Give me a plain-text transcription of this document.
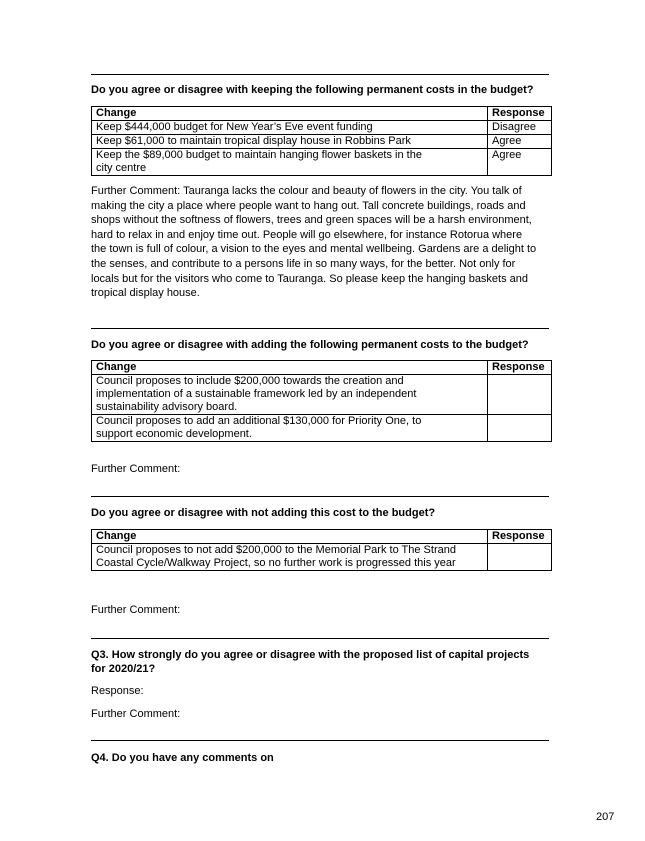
Do you agree or disagree with keeping the following permanent costs in the budget?
Change	Response
Keep $444,000 budget for New Year’s Eve event funding	Disagree
Keep $61,000 to maintain tropical display house in Robbins Park	Agree

Keep the $89,000 budget to maintain hanging flower baskets in the city centre	Agree
Further Comment: Tauranga lacks the colour and beauty of flowers in the city. You talk of
making the city a place where people want to hang out. Tall concrete buildings, roads and
shops without the softness of flowers, trees and green spaces will be a harsh environment,
hard to relax in and enjoy time out. People will go elsewhere, for instance Rotorua where
the town is full of colour, a vision to the eyes and mental wellbeing. Gardens are a delight to
the senses, and contribute to a persons life in so many ways, for the better. Not only for
locals but for the visitors who come to Tauranga. So please keep the hanging baskets and
tropical display house.
Do you agree or disagree with adding the following permanent costs to the budget?
Change	Response

Council proposes to include $200,000 towards the creation and implementation of a sustainable framework led by an independent sustainability advisory board.	

Council proposes to add an additional $130,000 for Priority One, to support economic development.	

Further Comment:
Do you agree or disagree with not adding this cost to the budget?
Change	Response

Council proposes to not add $200,000 to the Memorial Park to The Strand Coastal Cycle/Walkway Project, so no further work is progressed this year	

Further Comment:
Q3. How strongly do you agree or disagree with the proposed list of capital projects
for 2020/21?
Response:
Further Comment:
Q4. Do you have any comments on
207
